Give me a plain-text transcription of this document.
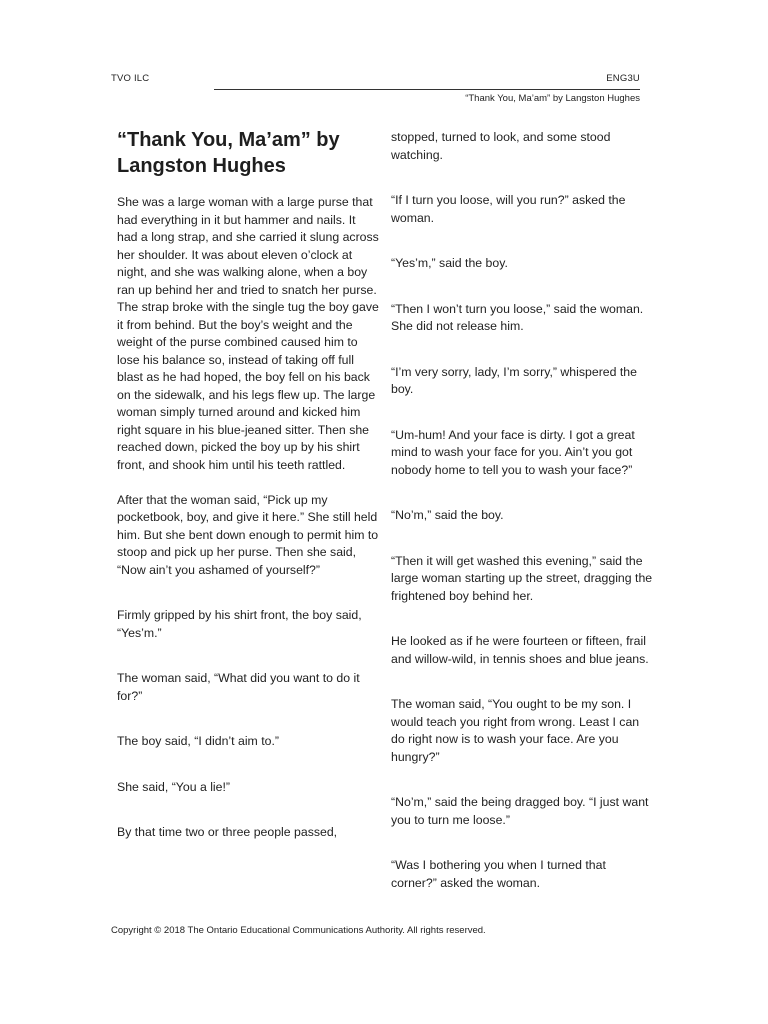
TVO ILC	ENG3U
“Thank You, Ma’am” by Langston Hughes
“Thank You, Ma’am” by Langston Hughes

She was a large woman with a large purse that had everything in it but hammer and nails. It had a long strap, and she carried it slung across her shoulder. It was about eleven o’clock at night, and she was walking alone, when a boy ran up behind her and tried to snatch her purse. The strap broke with the single tug the boy gave it from behind. But the boy’s weight and the weight of the purse combined caused him to lose his balance so, instead of taking off full blast as he had hoped, the boy fell on his back on the sidewalk, and his legs flew up. The large woman simply turned around and kicked him right square in his blue-jeaned sitter. Then she reached down, picked the boy up by his shirt front, and shook him until his teeth rattled.

After that the woman said, “Pick up my pocketbook, boy, and give it here.” She still held him. But she bent down enough to permit him to stoop and pick up her purse. Then she said, “Now ain’t you ashamed of yourself?”

Firmly gripped by his shirt front, the boy said, “Yes’m.”

The woman said, “What did you want to do it for?”

The boy said, “I didn’t aim to.”

She said, “You a lie!”

By that time two or three people passed,

stopped, turned to look, and some stood watching.

“If I turn you loose, will you run?” asked the woman.

“Yes’m,” said the boy.

“Then I won’t turn you loose,” said the woman. She did not release him.

“I’m very sorry, lady, I’m sorry,” whispered the boy.

“Um-hum! And your face is dirty. I got a great mind to wash your face for you. Ain’t you got nobody home to tell you to wash your face?”

“No’m,” said the boy.

“Then it will get washed this evening,” said the large woman starting up the street, dragging the frightened boy behind her.

He looked as if he were fourteen or fifteen, frail and willow-wild, in tennis shoes and blue jeans.

The woman said, “You ought to be my son. I would teach you right from wrong. Least I can do right now is to wash your face. Are you hungry?”

“No’m,” said the being dragged boy. “I just want you to turn me loose.”

“Was I bothering you when I turned that corner?” asked the woman.

Copyright © 2018 The Ontario Educational Communications Authority. All rights reserved.
